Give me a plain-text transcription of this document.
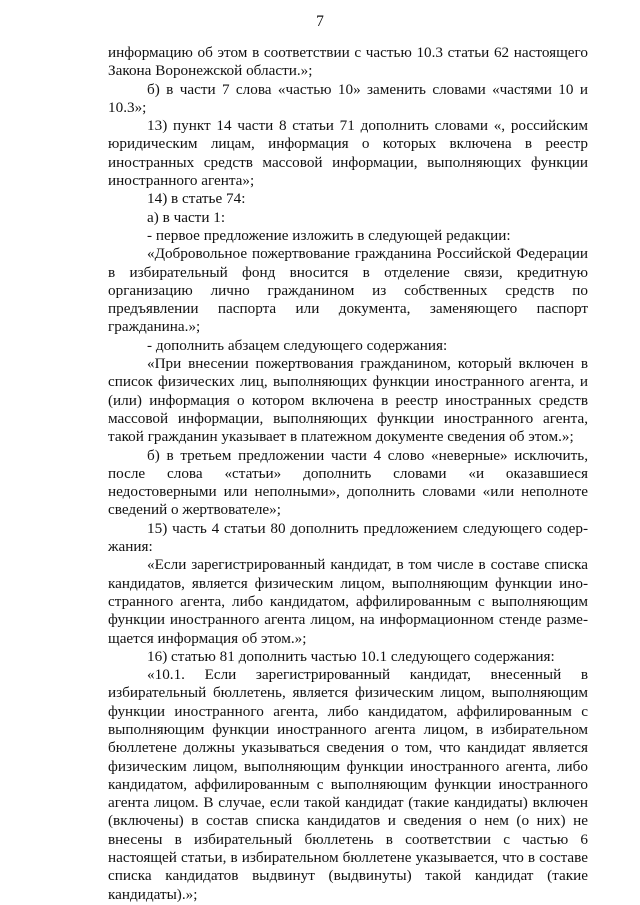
7

информацию об этом в соответствии с частью 10.3 статьи 62 настоящего Закона Воронежской области.»;

б) в части 7 слова «частью 10» заменить словами «частями 10 и 10.3»;

13) пункт 14 части 8 статьи 71 дополнить словами «, российским юридическим лицам, информация о которых включена в реестр иностранных средств массовой информации, выполняющих функции иностранного агента»;

14) в статье 74:

а) в части 1:

- первое предложение изложить в следующей редакции:

«Добровольное пожертвование гражданина Российской Федерации в избирательный фонд вносится в отделение связи, кредитную организацию лично гражданином из собственных средств по предъявлении паспорта или документа, заменяющего паспорт гражданина.»;

- дополнить абзацем следующего содержания:

«При внесении пожертвования гражданином, который включен в список физических лиц, выполняющих функции иностранного агента, и (или) информация о котором включена в реестр иностранных средств массовой информации, выполняющих функции иностранного агента, такой гражданин указывает в платежном документе сведения об этом.»;

б) в третьем предложении части 4 слово «неверные» исключить, после слова «статьи» дополнить словами «и оказавшиеся недостоверными или неполными», дополнить словами «или неполноте сведений о жертвователе»;

15) часть 4 статьи 80 дополнить предложением следующего содержания:

«Если зарегистрированный кандидат, в том числе в составе списка кандидатов, является физическим лицом, выполняющим функции иностранного агента, либо кандидатом, аффилированным с выполняющим функции иностранного агента лицом, на информационном стенде размещается информация об этом.»;

16) статью 81 дополнить частью 10.1 следующего содержания:

«10.1. Если зарегистрированный кандидат, внесенный в избирательный бюллетень, является физическим лицом, выполняющим функции иностранного агента, либо кандидатом, аффилированным с выполняющим функции иностранного агента лицом, в избирательном бюллетене должны указываться сведения о том, что кандидат является физическим лицом, выполняющим функции иностранного агента, либо кандидатом, аффилированным с выполняющим функции иностранного агента лицом. В случае, если такой кандидат (такие кандидаты) включен (включены) в состав списка кандидатов и сведения о нем (о них) не внесены в избирательный бюллетень в соответствии с частью 6 настоящей статьи, в избирательном бюллетене указывается, что в составе списка кандидатов выдвинут (выдвинуты) такой кандидат (такие кандидаты).»;
